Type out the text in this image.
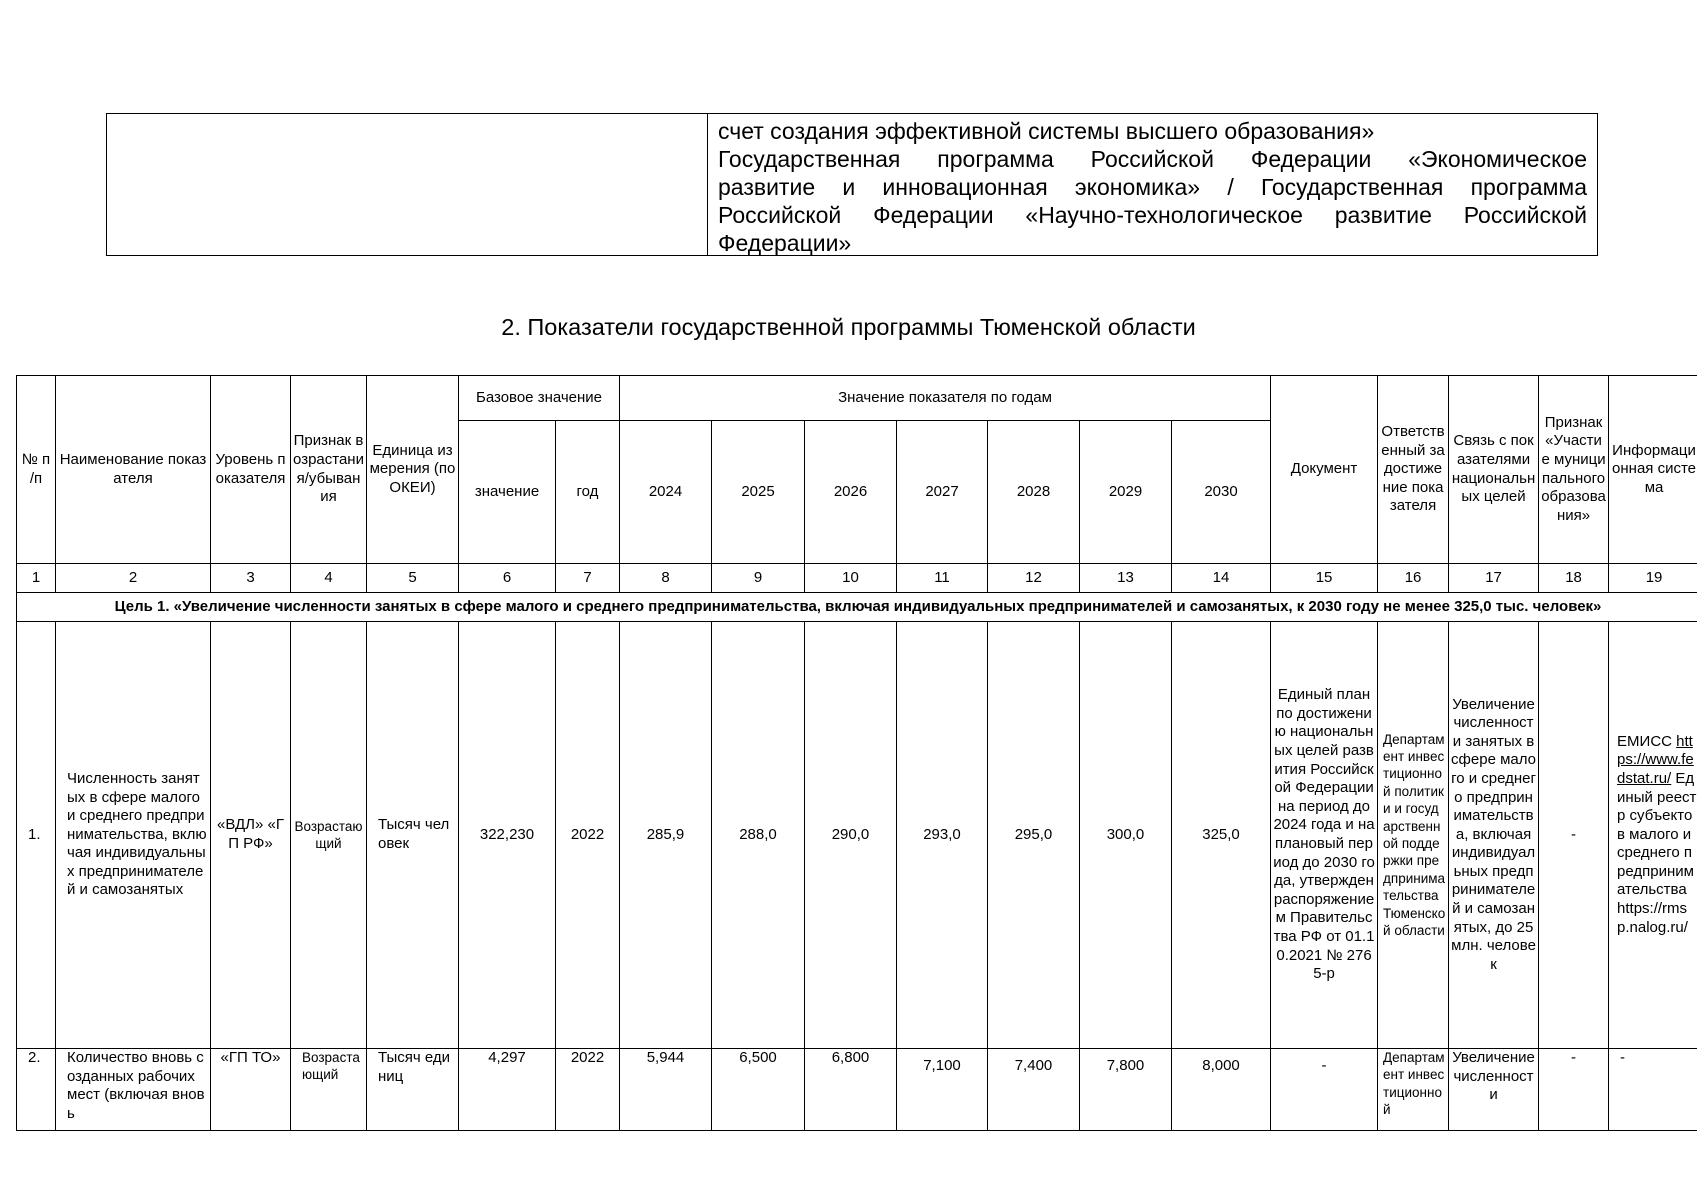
счет создания эффективной системы высшего образования»
Государственная программа Российской Федерации «Экономическое
развитие и инновационная экономика» / Государственная программа
Российской Федерации «Научно-технологическое развитие Российской
Федерации»
2. Показатели государственной программы Тюменской области
№ п /п	Наименование показателя	Уровень показателя	Признак возрастания/убывания	Единица измерения (по ОКЕИ)	Базовое значение		Значение показателя по годам							Документ	Ответственный за достижение показателя	Связь с показателями национальных целей	Признак «Участие муниципального образования»	Информационная система
					значение	год	2024	2025	2026	2027	2028	2029	2030					
1	2	3	4	5	6	7	8	9	10	11	12	13	14	15	16	17	18	19
Цель 1. «Увеличение численности занятых в сфере малого и среднего предпринимательства, включая индивидуальных предпринимателей и самозанятых, к 2030 году не менее 325,0 тыс. человек»																		
1.	Численность занятых в сфере малого и среднего предпринимательства, включая индивидуальных предпринимателей и самозанятых	«ВДЛ» «ГП РФ»	Возрастающий	Тысяч человек	322,230	2022	285,9	288,0	290,0	293,0	295,0	300,0	325,0	Единый план по достижению национальных целей развития Российской Федерации на период до 2024 года и на плановый период до 2030 года, утвержден распоряжением Правительства РФ от 01.10.2021 № 2765-р	Департамент инвестиционной политики и государственной поддержки предпринимательства Тюменской области	Увеличение численности занятых в сфере малого и среднего предпринимательства, включая индивидуальных предпринимателей и самозанятых, до 25 млн. человек	-	ЕМИСС https://www.fedstat.ru/ Единый реестр субъектов малого и среднего предпринимательства https://rmsp.nalog.ru/
2.	Количество вновь созданных рабочих мест (включая вновь	«ГП ТО»	Возрастающий	Тысяч единиц	4,297	2022	5,944	6,500	6,800	7,100	7,400	7,800	8,000	-	Департамент инвестиционной	Увеличение численности	-	-
